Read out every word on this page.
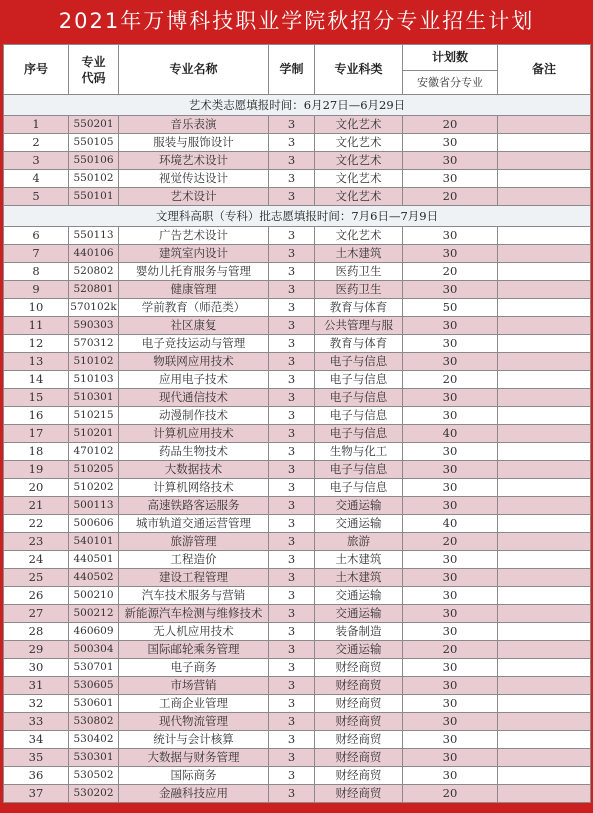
2021年万博科技职业学院秋招分专业招生计划
序号	专业代码	专业名称	学制	专业科类	计划数	备注
					安徽省分专业	
艺术类志愿填报时间：6月27日—6月29日						
1	550201	音乐表演	3	文化艺术	20	
2	550105	服装与服饰设计	3	文化艺术	30	
3	550106	环境艺术设计	3	文化艺术	30	
4	550102	视觉传达设计	3	文化艺术	30	
5	550101	艺术设计	3	文化艺术	20	
文理科高职（专科）批志愿填报时间：7月6日—7月9日						
6	550113	广告艺术设计	3	文化艺术	30	
7	440106	建筑室内设计	3	土木建筑	30	
8	520802	婴幼儿托育服务与管理	3	医药卫生	20	
9	520801	健康管理	3	医药卫生	30	
10	570102k	学前教育（师范类）	3	教育与体育	50	
11	590303	社区康复	3	公共管理与服	30	
12	570312	电子竞技运动与管理	3	教育与体育	30	
13	510102	物联网应用技术	3	电子与信息	30	
14	510103	应用电子技术	3	电子与信息	20	
15	510301	现代通信技术	3	电子与信息	30	
16	510215	动漫制作技术	3	电子与信息	30	
17	510201	计算机应用技术	3	电子与信息	40	
18	470102	药品生物技术	3	生物与化工	30	
19	510205	大数据技术	3	电子与信息	30	
20	510202	计算机网络技术	3	电子与信息	30	
21	500113	高速铁路客运服务	3	交通运输	30	
22	500606	城市轨道交通运营管理	3	交通运输	40	
23	540101	旅游管理	3	旅游	20	
24	440501	工程造价	3	土木建筑	30	
25	440502	建设工程管理	3	土木建筑	30	
26	500210	汽车技术服务与营销	3	交通运输	30	
27	500212	新能源汽车检测与维修技术	3	交通运输	30	
28	460609	无人机应用技术	3	装备制造	30	
29	500304	国际邮轮乘务管理	3	交通运输	20	
30	530701	电子商务	3	财经商贸	30	
31	530605	市场营销	3	财经商贸	30	
32	530601	工商企业管理	3	财经商贸	30	
33	530802	现代物流管理	3	财经商贸	30	
34	530402	统计与会计核算	3	财经商贸	30	
35	530301	大数据与财务管理	3	财经商贸	30	
36	530502	国际商务	3	财经商贸	30	
37	530202	金融科技应用	3	财经商贸	20	
